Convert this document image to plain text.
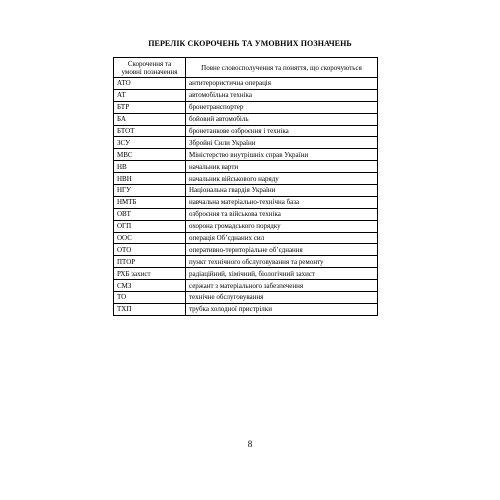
ПЕРЕЛІК СКОРОЧЕНЬ ТА УМОВНИХ ПОЗНАЧЕНЬ
Скорочення та умовні позначення	Повне словосполучення та поняття, що скорочуються
АТО	антитерористична операція
АТ	автомобільна техніка
БТР	бронетранспортер
БА	бойовий автомобіль
БТОТ	бронетанкове озброєння і техніка
ЗСУ	Збройні Сили України
МВС	Міністерство внутрішніх справ України
НВ	начальник варти
НВН	начальник військового наряду
НГУ	Національна гвардія України
НМТБ	навчальна матеріально-технічна база
ОВТ	озброєння та військова техніка
ОГП	охорона громадського порядку
ООС	операція Об’єднаних сил
ОТО	оперативно-територіальне об’єднання
ПТОР	пункт технічного обслуговування та ремонту
РХБ захист	радіаційний, хімічний, біологічний захист
СМЗ	сержант з матеріального забезпечення
ТО	технічне обслуговування
ТХП	трубка холодної пристрілки
8
